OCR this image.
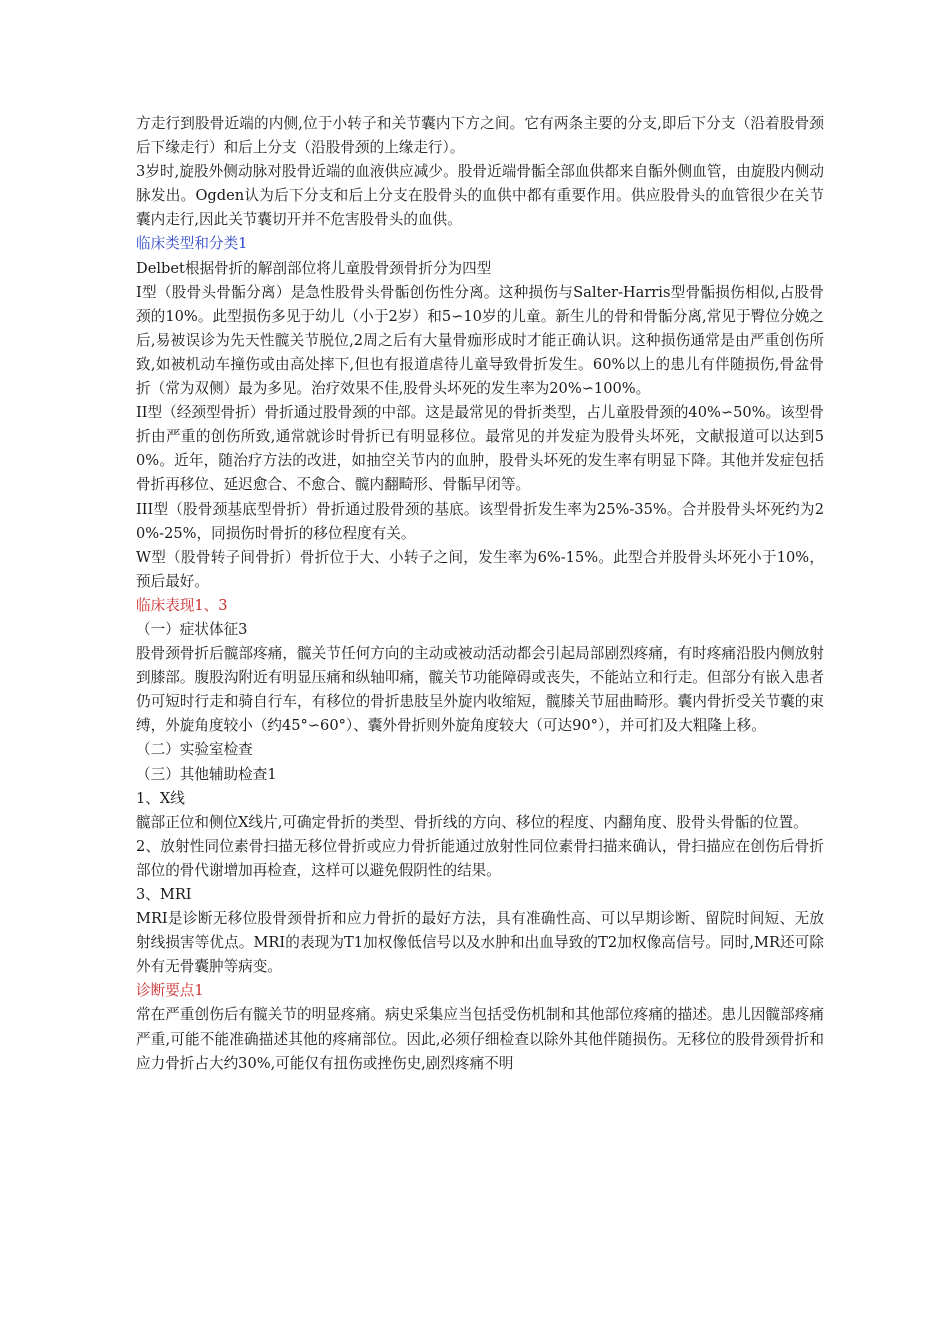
方走行到股骨近端的内侧,位于小转子和关节囊内下方之间。它有两条主要的分支,即后下分支（沿着股骨颈后下缘走行）和后上分支（沿股骨颈的上缘走行）。

3岁时,旋股外侧动脉对股骨近端的血液供应减少。股骨近端骨骺全部血供都来自骺外侧血管，由旋股内侧动脉发出。Ogden认为后下分支和后上分支在股骨头的血供中都有重要作用。供应股骨头的血管很少在关节囊内走行,因此关节囊切开并不危害股骨头的血供。

临床类型和分类1

Delbet根据骨折的解剖部位将儿童股骨颈骨折分为四型

I型（股骨头骨骺分离）是急性股骨头骨骺创伤性分离。这种损伤与Salter-Harris型骨骺损伤相似,占股骨颈的10%。此型损伤多见于幼儿（小于2岁）和5∽10岁的儿童。新生儿的骨和骨骺分离,常见于臀位分娩之后,易被误诊为先天性髋关节脱位,2周之后有大量骨痂形成时才能正确认识。这种损伤通常是由严重创伤所致,如被机动车撞伤或由高处摔下,但也有报道虐待儿童导致骨折发生。60%以上的患儿有伴随损伤,骨盆骨折（常为双侧）最为多见。治疗效果不佳,股骨头坏死的发生率为20%∽100%。

II型（经颈型骨折）骨折通过股骨颈的中部。这是最常见的骨折类型，占儿童股骨颈的40%∽50%。该型骨折由严重的创伤所致,通常就诊时骨折已有明显移位。最常见的并发症为股骨头坏死，文献报道可以达到50%。近年，随治疗方法的改进，如抽空关节内的血肿，股骨头坏死的发生率有明显下降。其他并发症包括骨折再移位、延迟愈合、不愈合、髋内翻畸形、骨骺早闭等。

III型（股骨颈基底型骨折）骨折通过股骨颈的基底。该型骨折发生率为25%-35%。合并股骨头坏死约为20%-25%，同损伤时骨折的移位程度有关。

W型（股骨转子间骨折）骨折位于大、小转子之间，发生率为6%-15%。此型合并股骨头坏死小于10%，预后最好。

临床表现1、3

（一）症状体征3

股骨颈骨折后髋部疼痛，髋关节任何方向的主动或被动活动都会引起局部剧烈疼痛，有时疼痛沿股内侧放射到膝部。腹股沟附近有明显压痛和纵轴叩痛，髋关节功能障碍或丧失，不能站立和行走。但部分有嵌入患者仍可短时行走和骑自行车，有移位的骨折患肢呈外旋内收缩短，髋膝关节屈曲畸形。囊内骨折受关节囊的束缚，外旋角度较小（约45°∽60°）、囊外骨折则外旋角度较大（可达90°），并可扪及大粗隆上移。

（二）实验室检查

（三）其他辅助检查1

1、X线

髋部正位和侧位X线片,可确定骨折的类型、骨折线的方向、移位的程度、内翻角度、股骨头骨骺的位置。

2、放射性同位素骨扫描无移位骨折或应力骨折能通过放射性同位素骨扫描来确认，骨扫描应在创伤后骨折部位的骨代谢增加再检查，这样可以避免假阴性的结果。

3、MRI

MRI是诊断无移位股骨颈骨折和应力骨折的最好方法，具有准确性高、可以早期诊断、留院时间短、无放射线损害等优点。MRI的表现为T1加权像低信号以及水肿和出血导致的T2加权像高信号。同时,MR还可除外有无骨囊肿等病变。

诊断要点1

常在严重创伤后有髋关节的明显疼痛。病史采集应当包括受伤机制和其他部位疼痛的描述。患儿因髋部疼痛严重,可能不能准确描述其他的疼痛部位。因此,必须仔细检查以除外其他伴随损伤。无移位的股骨颈骨折和应力骨折占大约30%,可能仅有扭伤或挫伤史,剧烈疼痛不明
